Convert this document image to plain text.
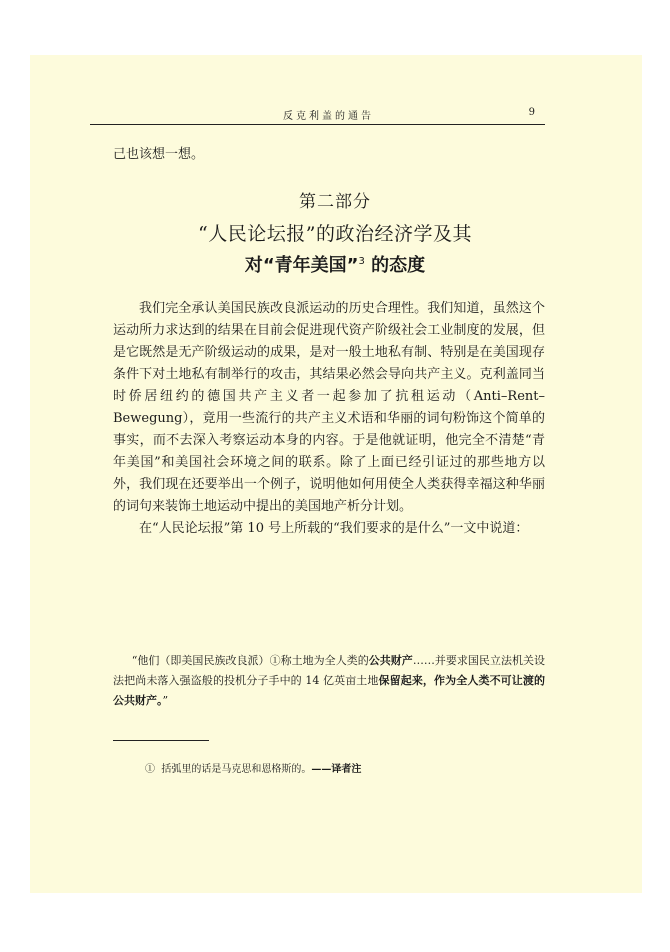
反克利盖的通告	9
己也该想一想。
第二部分
“人民论坛报”的政治经济学及其
对“青年美国”$^3$ 的态度

我们完全承认美国民族改良派运动的历史合理性。我们知道，虽然这个运动所力求达到的结果在目前会促进现代资产阶级社会工业制度的发展，但是它既然是无产阶级运动的成果，是对一般土地私有制、特别是在美国现存条件下对土地私有制举行的攻击，其结果必然会导向共产主义。克利盖同当时侨居纽约的德国共产主义者一起参加了抗租运动（Anti–Rent–Bewegung），竟用一些流行的共产主义术语和华丽的词句粉饰这个简单的事实，而不去深入考察运动本身的内容。于是他就证明，他完全不清楚“青年美国”和美国社会环境之间的联系。除了上面已经引证过的那些地方以外，我们现在还要举出一个例子，说明他如何用使全人类获得幸福这种华丽的词句来装饰土地运动中提出的美国地产析分计划。

在“人民论坛报”第 10 号上所载的“我们要求的是什么”一文中说道：

“他们（即美国民族改良派）①称土地为全人类的公共财产……并要求国民立法机关设法把尚未落入强盗般的投机分子手中的 14 亿英亩土地保留起来，作为全人类不可让渡的公共财产。”

① 括弧里的话是马克思和恩格斯的。——译者注
